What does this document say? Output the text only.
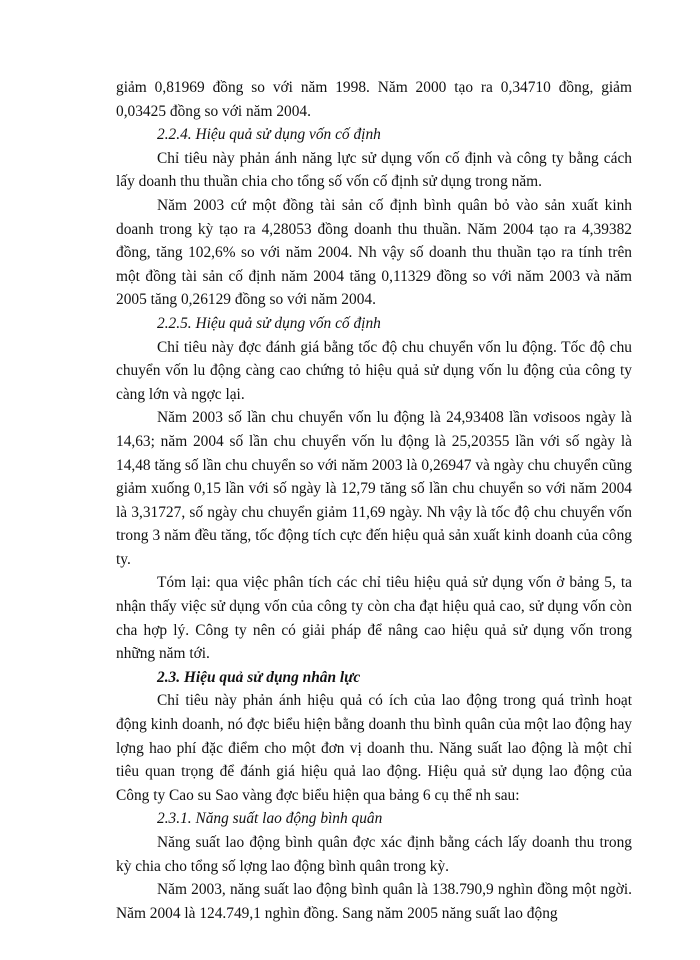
giảm 0,81969 đồng so với năm 1998. Năm 2000 tạo ra 0,34710 đồng, giảm 0,03425 đồng so với năm 2004.

2.2.4. Hiệu quả sử dụng vốn cố định

Chỉ tiêu này phản ánh năng lực sử dụng vốn cố định và công ty bằng cách lấy doanh thu thuần chia cho tổng số vốn cố định sử dụng trong năm.

Năm 2003 cứ một đồng tài sản cố định bình quân bỏ vào sản xuất kinh doanh trong kỳ tạo ra 4,28053 đồng doanh thu thuần. Năm 2004 tạo ra 4,39382 đồng, tăng 102,6% so với năm 2004. Nh vậy số doanh thu thuần tạo ra tính trên một đồng tài sản cố định năm 2004 tăng 0,11329 đồng so với năm 2003 và năm 2005 tăng 0,26129 đồng so với năm 2004.

2.2.5. Hiệu quả sử dụng vốn cố định

Chỉ tiêu này đợc đánh giá bằng tốc độ chu chuyển vốn lu động. Tốc độ chu chuyển vốn lu động càng cao chứng tỏ hiệu quả sử dụng vốn lu động của công ty càng lớn và ngợc lại.

Năm 2003 số lần chu chuyển vốn lu động là 24,93408 lần vơisoos ngày là 14,63; năm 2004 số lần chu chuyển vốn lu động là 25,20355 lần với số ngày là 14,48 tăng số lần chu chuyển so với năm 2003 là 0,26947 và ngày chu chuyển cũng giảm xuống 0,15 lần với số ngày là 12,79 tăng số lần chu chuyển so với năm 2004 là 3,31727, số ngày chu chuyển giảm 11,69 ngày. Nh vậy là tốc độ chu chuyển vốn trong 3 năm đều tăng, tốc động tích cực đến hiệu quả sản xuất kinh doanh của công ty.

Tóm lại: qua việc phân tích các chỉ tiêu hiệu quả sử dụng vốn ở bảng 5, ta nhận thấy việc sử dụng vốn của công ty còn cha đạt hiệu quả cao, sử dụng vốn còn cha hợp lý. Công ty nên có giải pháp để nâng cao hiệu quả sử dụng vốn trong những năm tới.

2.3. Hiệu quả sử dụng nhân lực

Chỉ tiêu này phản ánh hiệu quả có ích của lao động trong quá trình hoạt động kinh doanh, nó đợc biểu hiện bằng doanh thu bình quân của một lao động hay lợng hao phí đặc điểm cho một đơn vị doanh thu. Năng suất lao động là một chỉ tiêu quan trọng để đánh giá hiệu quả lao động. Hiệu quả sử dụng lao động của Công ty Cao su Sao vàng đợc biểu hiện qua bảng 6 cụ thể nh sau:

2.3.1. Năng suất lao động bình quân

Năng suất lao động bình quân đợc xác định bằng cách lấy doanh thu trong kỳ chia cho tổng số lợng lao động bình quân trong kỳ.

Năm 2003, năng suất lao động bình quân là 138.790,9 nghìn đồng một ngời. Năm 2004 là 124.749,1 nghìn đồng. Sang năm 2005 năng suất lao động
